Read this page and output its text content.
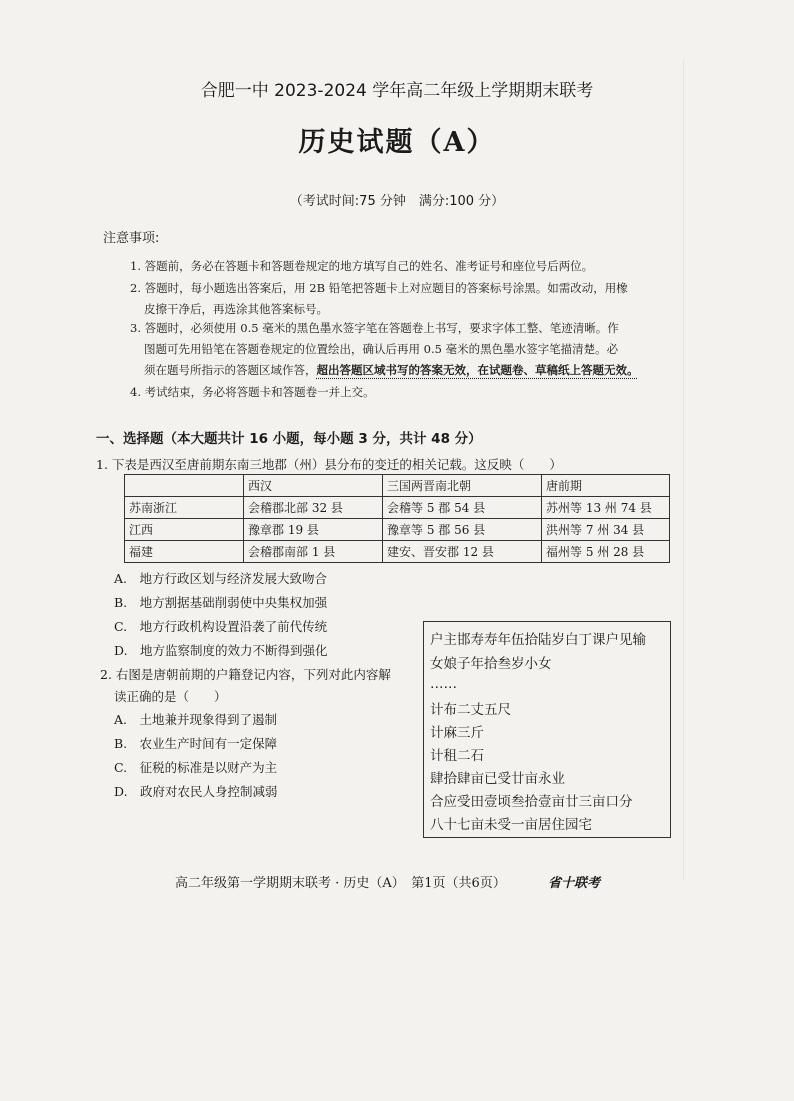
合肥一中 2023-2024 学年高二年级上学期期末联考
历史试题（A）
（考试时间:75 分钟　满分:100 分）
注意事项:
1. 答题前，务必在答题卡和答题卷规定的地方填写自己的姓名、准考证号和座位号后两位。
2. 答题时，每小题选出答案后，用 2B 铅笔把答题卡上对应题目的答案标号涂黑。如需改动，用橡
皮擦干净后，再选涂其他答案标号。
3. 答题时，必须使用 0.5 毫米的黑色墨水签字笔在答题卷上书写，要求字体工整、笔迹清晰。作
图题可先用铅笔在答题卷规定的位置绘出，确认后再用 0.5 毫米的黑色墨水签字笔描清楚。必
须在题号所指示的答题区域作答，超出答题区域书写的答案无效，在试题卷、草稿纸上答题无效。
4. 考试结束，务必将答题卡和答题卷一并上交。
一、选择题（本大题共计 16 小题，每小题 3 分，共计 48 分）
1. 下表是西汉至唐前期东南三地郡（州）县分布的变迁的相关记载。这反映（　　）
	西汉	三国两晋南北朝	唐前期
苏南浙江	会稽郡北部 32 县	会稽等 5 郡 54 县	苏州等 13 州 74 县
江西	豫章郡 19 县	豫章等 5 郡 56 县	洪州等 7 州 34 县
福建	会稽郡南部 1 县	建安、晋安郡 12 县	福州等 5 州 28 县
A.　地方行政区划与经济发展大致吻合
B.　地方割据基础削弱使中央集权加强
C.　地方行政机构设置沿袭了前代传统
D.　地方监察制度的效力不断得到强化
2. 右图是唐朝前期的户籍登记内容，下列对此内容解
读正确的是（　　）
A.　土地兼并现象得到了遏制
B.　农业生产时间有一定保障
C.　征税的标准是以财产为主
D.　政府对农民人身控制减弱
户主邯寿寿年伍拾陆岁白丁课户见输
女娘子年拾叁岁小女
……
计布二丈五尺
计麻三斤
计租二石
肆拾肆亩已受廿亩永业
合应受田壹顷叁拾壹亩廿三亩口分
八十七亩未受一亩居住园宅
高二年级第一学期期末联考 · 历史（A）　第1页（共6页）	省十联考
